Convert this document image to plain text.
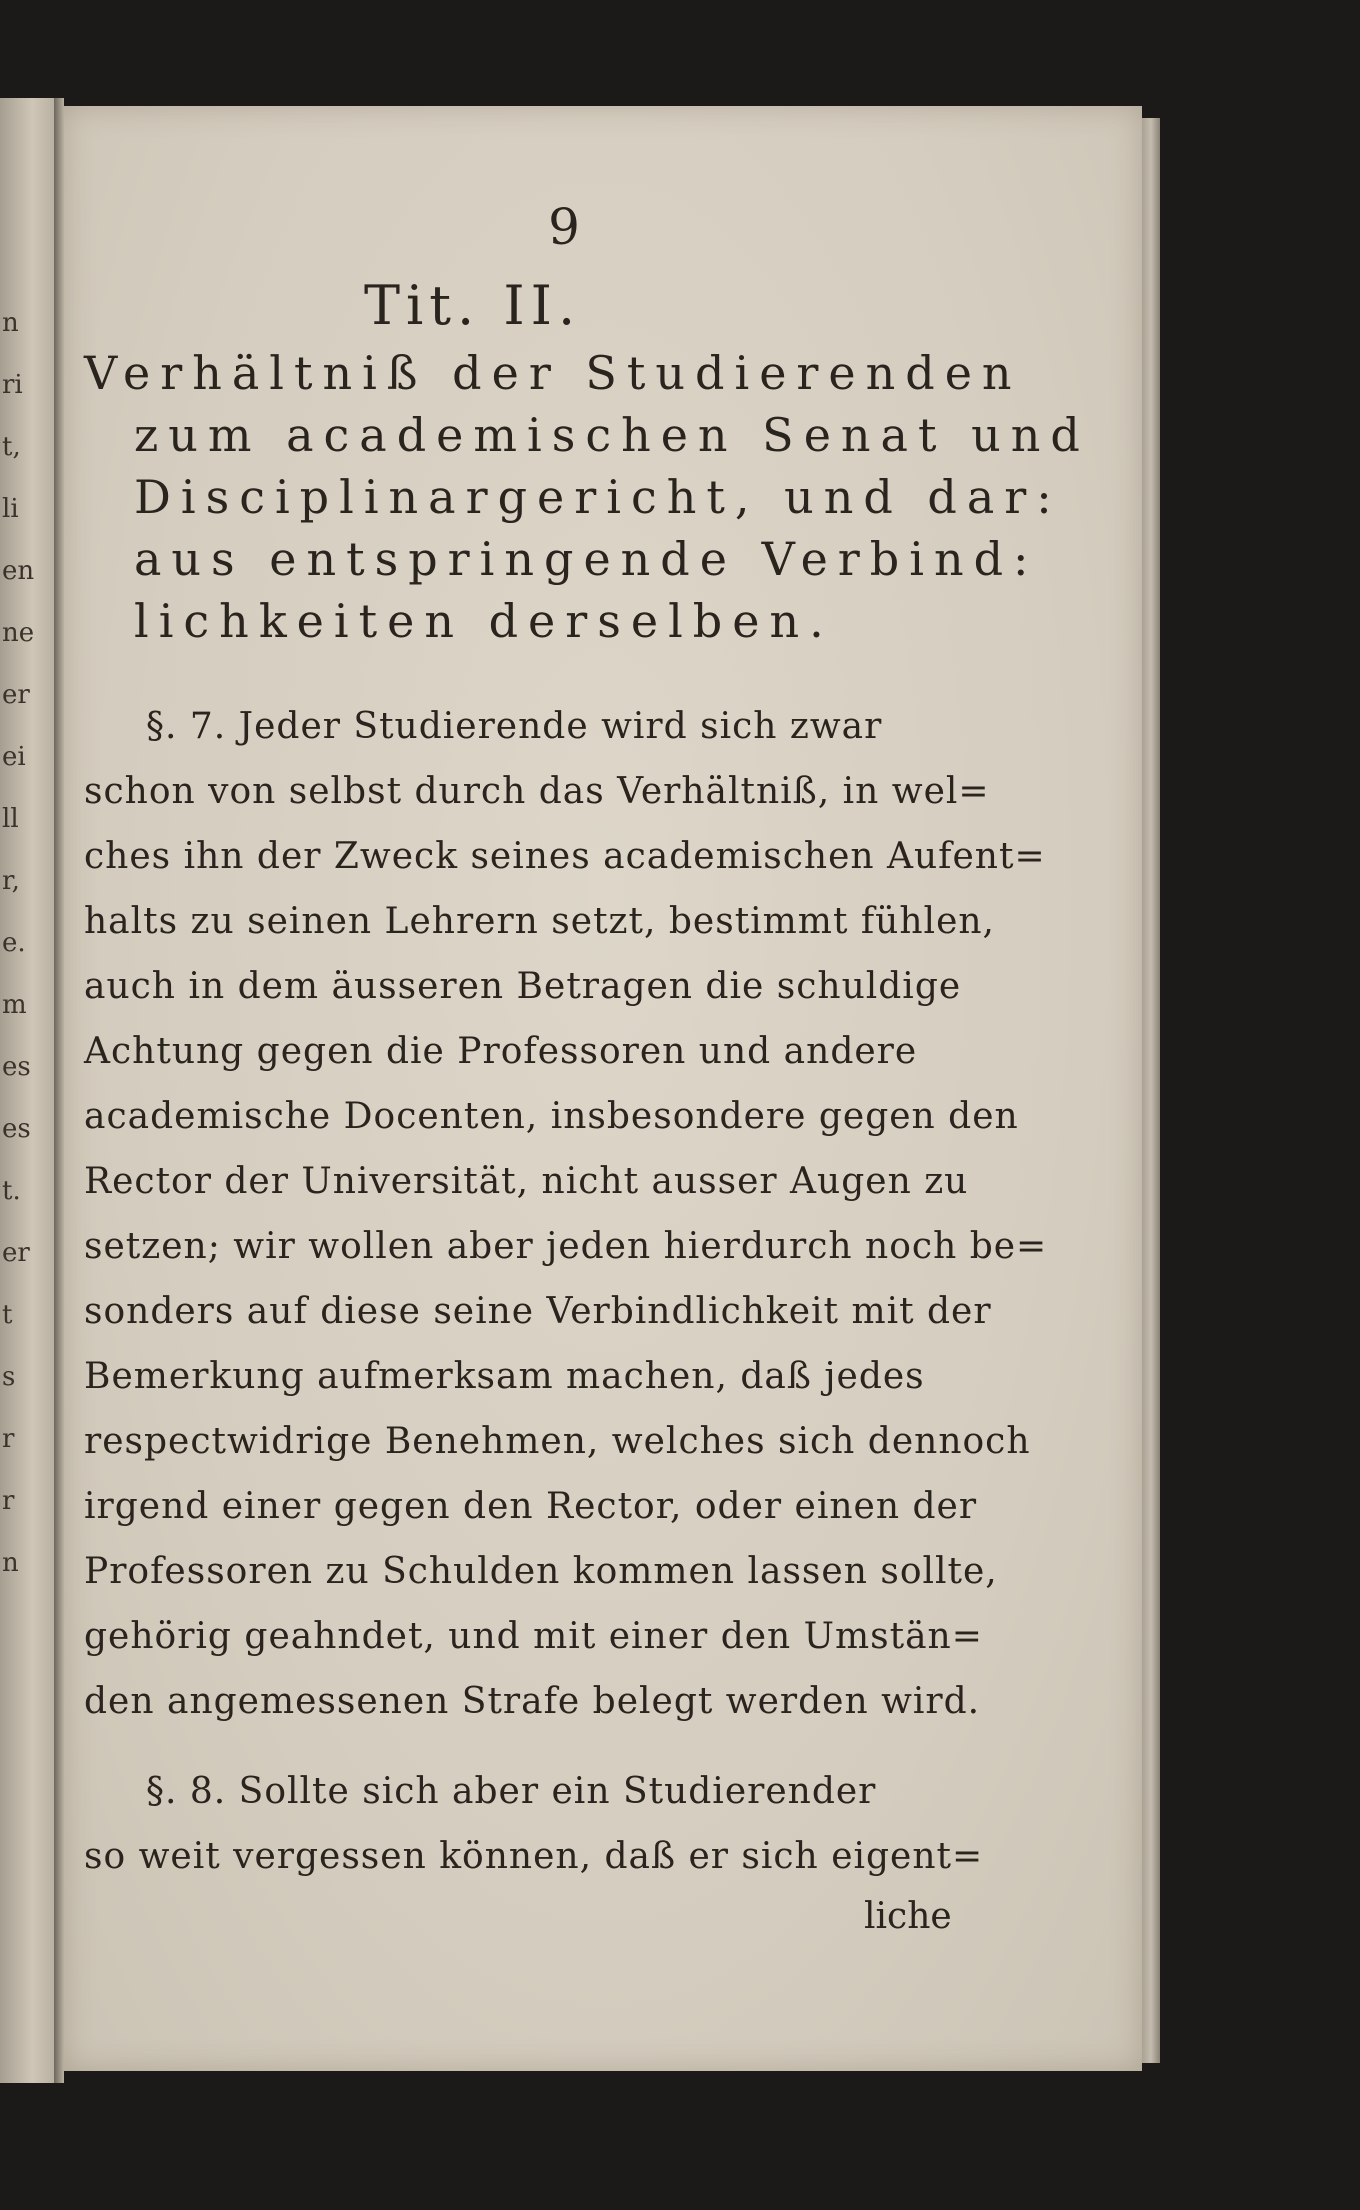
n
ri
t,
li
en
ne
er
ei
ll
r,
e.
m
es
es
t.
er
t
s
r
r
n
9
Tit. II.
Verhältniß der Studierenden
zum academischen Senat und
Disciplinargericht, und dar:
aus entspringende Verbind:
lichkeiten derselben.
§. 7. Jeder Studierende wird sich zwar
schon von selbst durch das Verhältniß, in wel=
ches ihn der Zweck seines academischen Aufent=
halts zu seinen Lehrern setzt, bestimmt fühlen,
auch in dem äusseren Betragen die schuldige
Achtung gegen die Professoren und andere
academische Docenten, insbesondere gegen den
Rector der Universität, nicht ausser Augen zu
setzen; wir wollen aber jeden hierdurch noch be=
sonders auf diese seine Verbindlichkeit mit der
Bemerkung aufmerksam machen, daß jedes
respectwidrige Benehmen, welches sich dennoch
irgend einer gegen den Rector, oder einen der
Professoren zu Schulden kommen lassen sollte,
gehörig geahndet, und mit einer den Umstän=
den angemessenen Strafe belegt werden wird.
§. 8. Sollte sich aber ein Studierender
so weit vergessen können, daß er sich eigent=
liche
